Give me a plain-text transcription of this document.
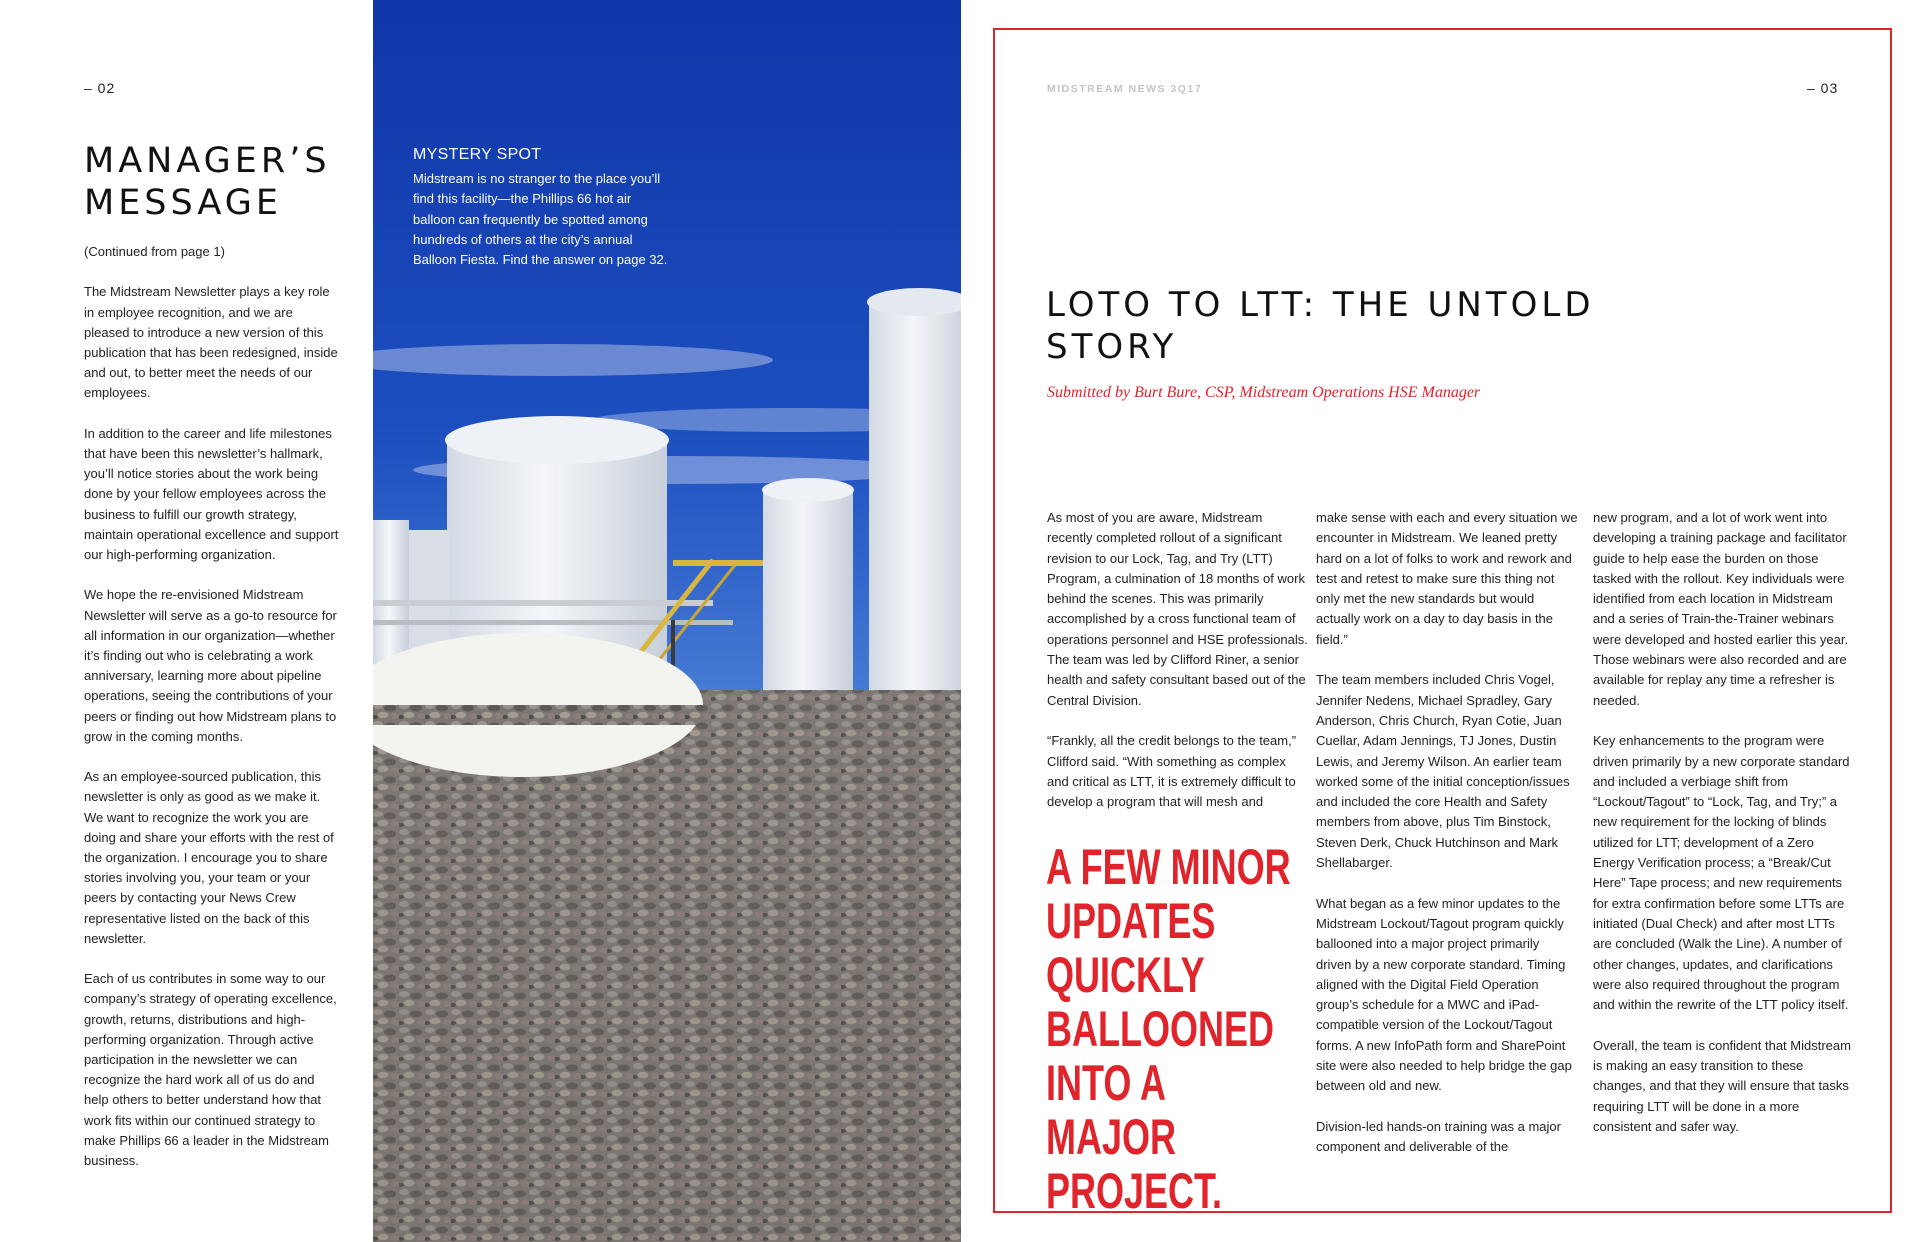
– 02
MANAGER’S MESSAGE

(Continued from page 1)

The Midstream Newsletter plays a key role in employee recognition, and we are pleased to introduce a new version of this publication that has been redesigned, inside and out, to better meet the needs of our employees.

In addition to the career and life milestones that have been this newsletter’s hallmark, you’ll notice stories about the work being done by your fellow employees across the business to fulfill our growth strategy, maintain operational excellence and support our high-performing organization.

We hope the re-envisioned Midstream Newsletter will serve as a go-to resource for all information in our organization—whether it’s finding out who is celebrating a work anniversary, learning more about pipeline operations, seeing the contributions of your peers or finding out how Midstream plans to grow in the coming months.

As an employee-sourced publication, this newsletter is only as good as we make it. We want to recognize the work you are doing and share your efforts with the rest of the organization. I encourage you to share stories involving you, your team or your peers by contacting your News Crew representative listed on the back of this newsletter.

Each of us contributes in some way to our company’s strategy of operating excellence, growth, returns, distributions and high-performing organization. Through active participation in the newsletter we can recognize the hard work all of us do and help others to better understand how that work fits within our continued strategy to make Phillips 66 a leader in the Midstream business.

MYSTERY SPOT
Midstream is no stranger to the place you’ll find this facility—the Phillips 66 hot air balloon can frequently be spotted among hundreds of others at the city’s annual Balloon Fiesta. Find the answer on page 32.
MIDSTREAM NEWS 3Q17	– 03
LOTO TO LTT: THE UNTOLD STORY
Submitted by Burt Bure, CSP, Midstream Operations HSE Manager

As most of you are aware, Midstream recently completed rollout of a significant revision to our Lock, Tag, and Try (LTT) Program, a culmination of 18 months of work behind the scenes. This was primarily accomplished by a cross functional team of operations personnel and HSE professionals. The team was led by Clifford Riner, a senior health and safety consultant based out of the Central Division.

“Frankly, all the credit belongs to the team,” Clifford said. “With something as complex and critical as LTT, it is extremely difficult to develop a program that will mesh and

A FEW MINOR UPDATES QUICKLY BALLOONED INTO A MAJOR PROJECT.

make sense with each and every situation we encounter in Midstream. We leaned pretty hard on a lot of folks to work and rework and test and retest to make sure this thing not only met the new standards but would actually work on a day to day basis in the field.”

The team members included Chris Vogel, Jennifer Nedens, Michael Spradley, Gary Anderson, Chris Church, Ryan Cotie, Juan Cuellar, Adam Jennings, TJ Jones, Dustin Lewis, and Jeremy Wilson. An earlier team worked some of the initial conception/issues and included the core Health and Safety members from above, plus Tim Binstock, Steven Derk, Chuck Hutchinson and Mark Shellabarger.

What began as a few minor updates to the Midstream Lockout/Tagout program quickly ballooned into a major project primarily driven by a new corporate standard. Timing aligned with the Digital Field Operation group’s schedule for a MWC and iPad-compatible version of the Lockout/Tagout forms. A new InfoPath form and SharePoint site were also needed to help bridge the gap between old and new.

Division-led hands-on training was a major component and deliverable of the

new program, and a lot of work went into developing a training package and facilitator guide to help ease the burden on those tasked with the rollout. Key individuals were identified from each location in Midstream and a series of Train-the-Trainer webinars were developed and hosted earlier this year. Those webinars were also recorded and are available for replay any time a refresher is needed.

Key enhancements to the program were driven primarily by a new corporate standard and included a verbiage shift from “Lockout/Tagout” to “Lock, Tag, and Try;” a new requirement for the locking of blinds utilized for LTT; development of a Zero Energy Verification process; a “Break/Cut Here” Tape process; and new requirements for extra confirmation before some LTTs are initiated (Dual Check) and after most LTTs are concluded (Walk the Line). A number of other changes, updates, and clarifications were also required throughout the program and within the rewrite of the LTT policy itself.

Overall, the team is confident that Midstream is making an easy transition to these changes, and that they will ensure that tasks requiring LTT will be done in a more consistent and safer way.
